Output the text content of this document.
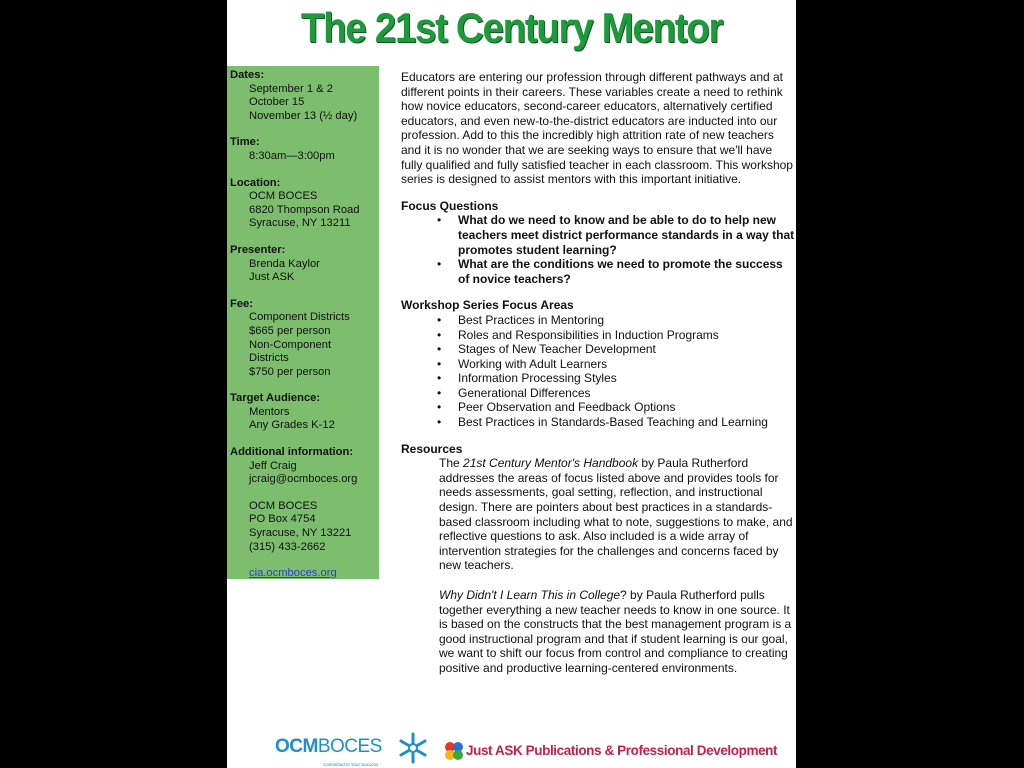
The 21st Century Mentor
Dates:
September 1 & 2
October 15
November 13 (½ day)
Time:
8:30am—3:00pm
Location:
OCM BOCES
6820 Thompson Road
Syracuse, NY 13211
Presenter:
Brenda Kaylor
Just ASK
Fee:
Component Districts
$665 per person
Non-Component
Districts
$750 per person
Target Audience:
Mentors
Any Grades K-12
Additional information:
Jeff Craig
jcraig@ocmboces.org
OCM BOCES
PO Box 4754
Syracuse, NY 13221
(315) 433-2662
cia.ocmboces.org

Educators are entering our profession through different pathways and at different points in their careers. These variables create a need to rethink how novice educators, second-career educators, alternatively certified educators, and even new-to-the-district educators are inducted into our profession. Add to this the incredibly high attrition rate of new teachers and it is no wonder that we are seeking ways to ensure that we'll have fully qualified and fully satisfied teacher in each classroom. This workshop series is designed to assist mentors with this important initiative.

Focus Questions
• What do we need to know and be able to do to help new teachers meet district performance standards in a way that promotes student learning?
• What are the conditions we need to promote the success of novice teachers?
Workshop Series Focus Areas
• Best Practices in Mentoring
• Roles and Responsibilities in Induction Programs
• Stages of New Teacher Development
• Working with Adult Learners
• Information Processing Styles
• Generational Differences
• Peer Observation and Feedback Options
• Best Practices in Standards-Based Teaching and Learning
Resources

The 21st Century Mentor's Handbook by Paula Rutherford addresses the areas of focus listed above and provides tools for needs assessments, goal setting, reflection, and instructional design. There are pointers about best practices in a standards-based classroom including what to note, suggestions to make, and reflective questions to ask. Also included is a wide array of intervention strategies for the challenges and concerns faced by new teachers.

Why Didn't I Learn This in College? by Paula Rutherford pulls together everything a new teacher needs to know in one source. It is based on the constructs that the best management program is a good instructional program and that if student learning is our goal, we want to shift our focus from control and compliance to creating positive and productive learning-centered environments.

OCMBOCES
Committed to Your Success
Just ASK Publications & Professional Development
